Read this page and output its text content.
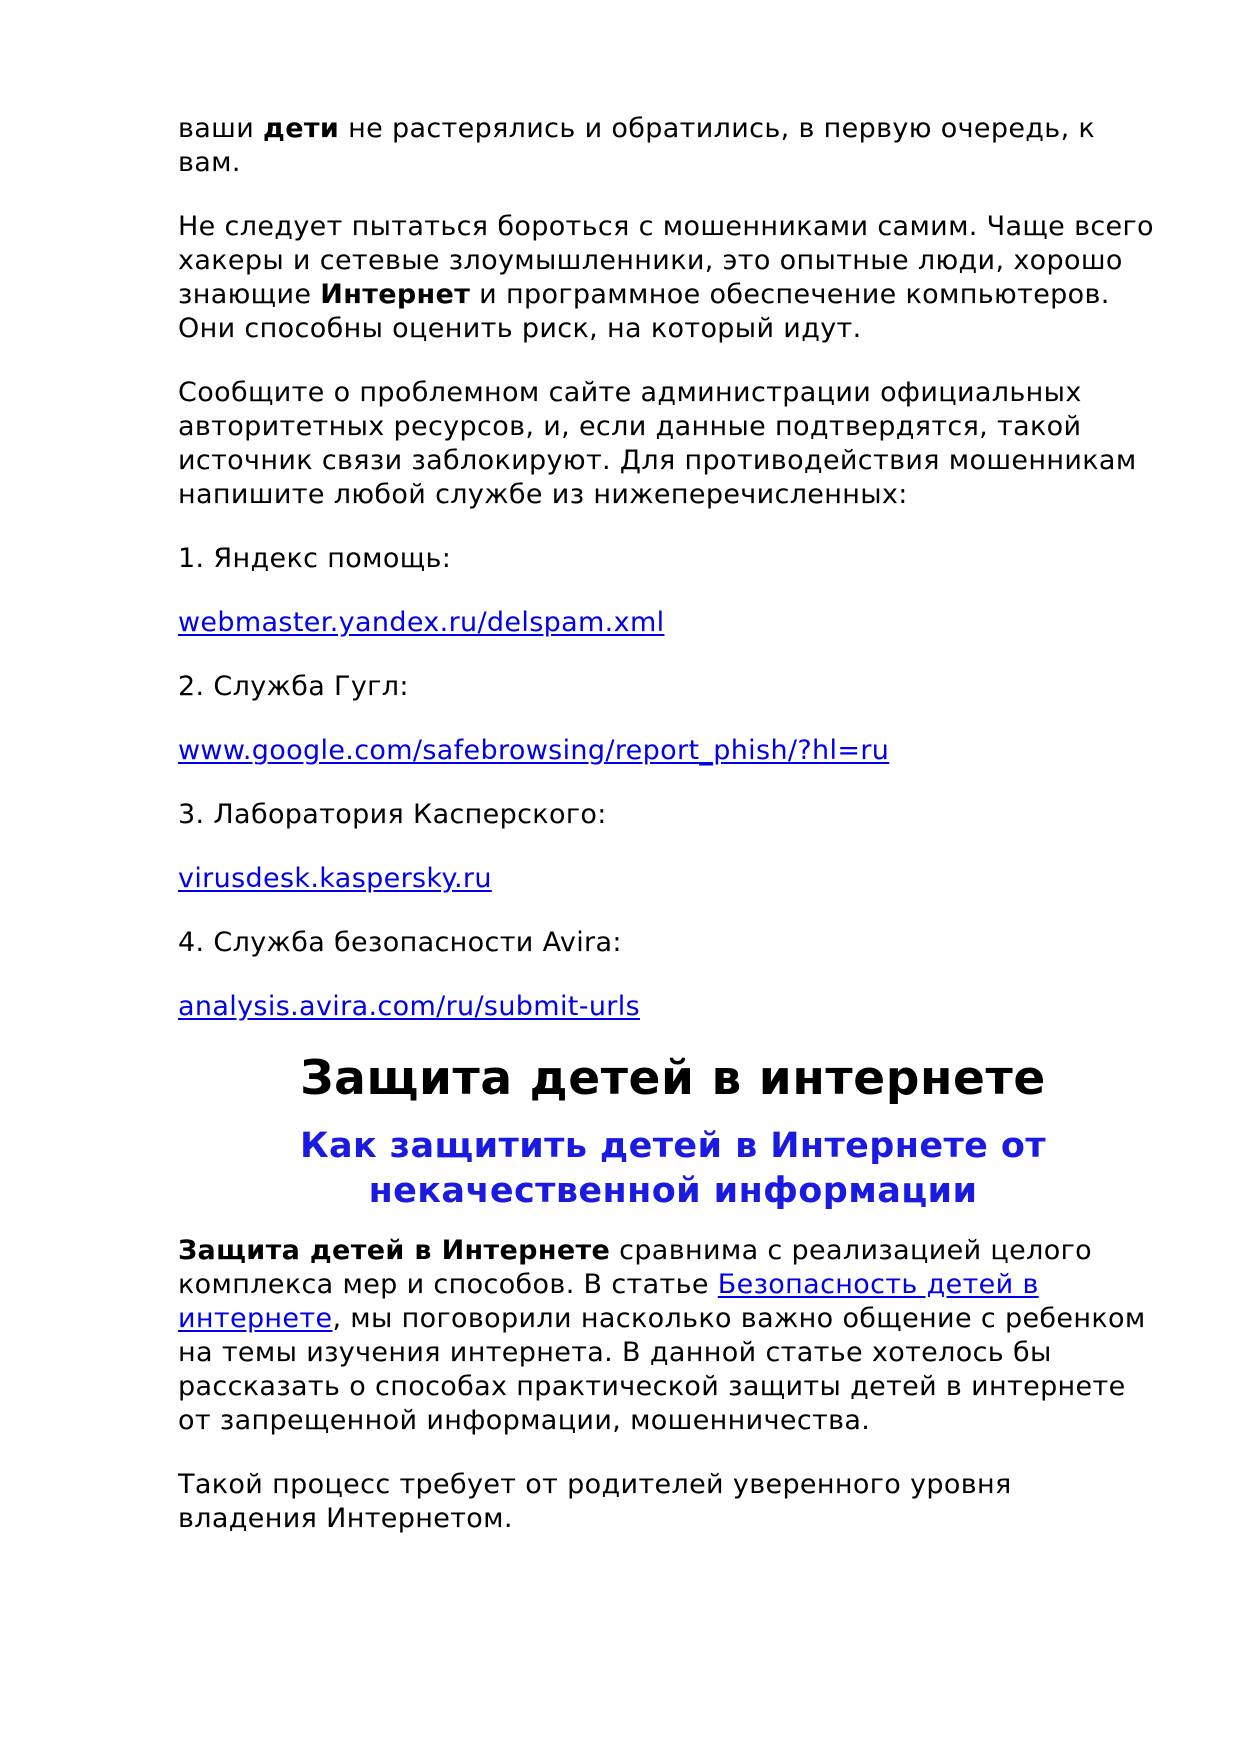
ваши дети не растерялись и обратились, в первую очередь, к
вам.

Не следует пытаться бороться с мошенниками самим. Чаще всего
хакеры и сетевые злоумышленники, это опытные люди, хорошо
знающие Интернет и программное обеспечение компьютеров.
Они способны оценить риск, на который идут.

Сообщите о проблемном сайте администрации официальных
авторитетных ресурсов, и, если данные подтвердятся, такой
источник связи заблокируют. Для противодействия мошенникам
напишите любой службе из нижеперечисленных:

1. Яндекс помощь:

webmaster.yandex.ru/delspam.xml

2. Служба Гугл:

www.google.com/safebrowsing/report_phish/?hl=ru

3. Лаборатория Касперского:

virusdesk.kaspersky.ru

4. Служба безопасности Avira:

analysis.avira.com/ru/submit-urls

Защита детей в интернете
Как защитить детей в Интернете от
некачественной информации

Защита детей в Интернете сравнима с реализацией целого
комплекса мер и способов. В статье Безопасность детей в
интернете, мы поговорили насколько важно общение с ребенком
на темы изучения интернета. В данной статье хотелось бы
рассказать о способах практической защиты детей в интернете
от запрещенной информации, мошенничества.

Такой процесс требует от родителей уверенного уровня
владения Интернетом.
